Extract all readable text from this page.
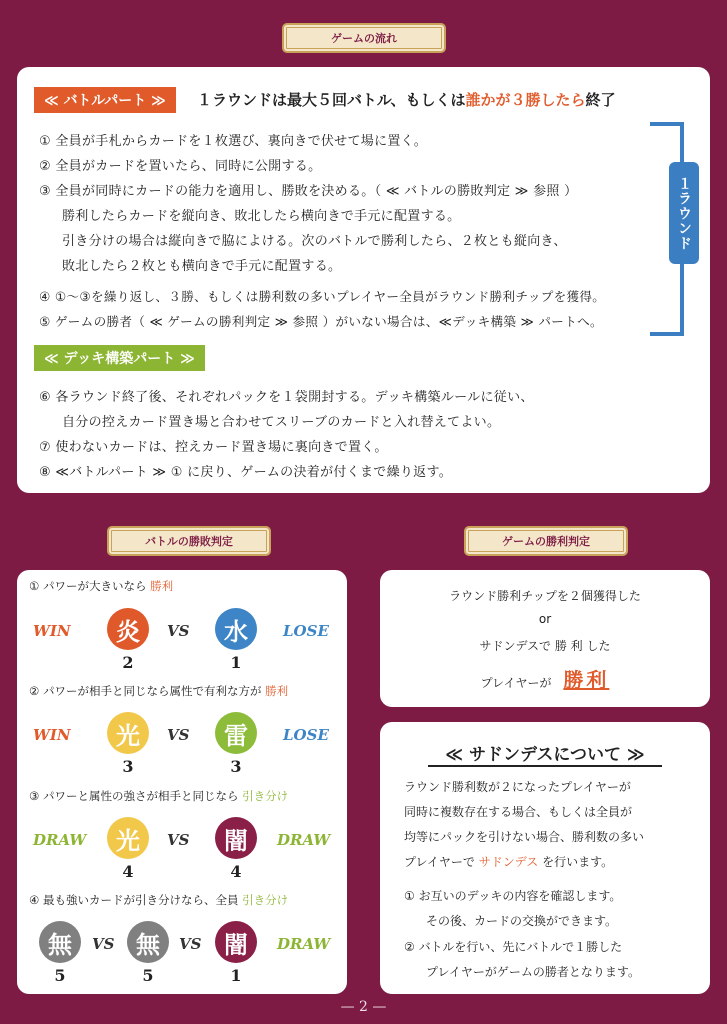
ゲームの流れ
≪ バトルパート ≫	１ラウンドは最大５回バトル、もしくは誰かが３勝したら終了
① 全員が手札からカードを１枚選び、裏向きで伏せて場に置く。
② 全員がカードを置いたら、同時に公開する。
③ 全員が同時にカードの能力を適用し、勝敗を決める。（ ≪ バトルの勝敗判定 ≫ 参照 ）
勝利したらカードを縦向き、敗北したら横向きで手元に配置する。
引き分けの場合は縦向きで脇によける。次のバトルで勝利したら、２枚とも縦向き、
敗北したら２枚とも横向きで手元に配置する。
④ ①～③を繰り返し、３勝、もしくは勝利数の多いプレイヤー全員がラウンド勝利チップを獲得。
⑤ ゲームの勝者（ ≪ ゲームの勝利判定 ≫ 参照 ）がいない場合は、≪デッキ構築 ≫ パートへ。
１ラウンド
≪ デッキ構築パート ≫
⑥ 各ラウンド終了後、それぞれパックを１袋開封する。デッキ構築ルールに従い、
自分の控えカード置き場と合わせてスリーブのカードと入れ替えてよい。
⑦ 使わないカードは、控えカード置き場に裏向きで置く。
⑧ ≪バトルパート ≫ ① に戻り、ゲームの決着が付くまで繰り返す。
バトルの勝敗判定	ゲームの勝利判定
① パワーが大きいなら 勝利
WIN	炎	VS	水	LOSE
2	1
② パワーが相手と同じなら属性で有利な方が 勝利
WIN	光	VS	雷	LOSE
3	3
③ パワーと属性の強さが相手と同じなら 引き分け
DRAW	光	VS	闇	DRAW
4	4
④ 最も強いカードが引き分けなら、全員 引き分け
無	VS 無	VS 闇	DRAW
5	5	1
ラウンド勝利チップを２個獲得した
or
サドンデスで 勝 利 した
プレイヤーが 勝利
≪ サドンデスについて ≫
ラウンド勝利数が２になったプレイヤーが
同時に複数存在する場合、もしくは全員が
均等にパックを引けない場合、勝利数の多い
プレイヤーで サドンデス を行います。
① お互いのデッキの内容を確認します。
その後、カードの交換ができます。
② バトルを行い、先にバトルで１勝した
プレイヤーがゲームの勝者となります。
— 2 —
